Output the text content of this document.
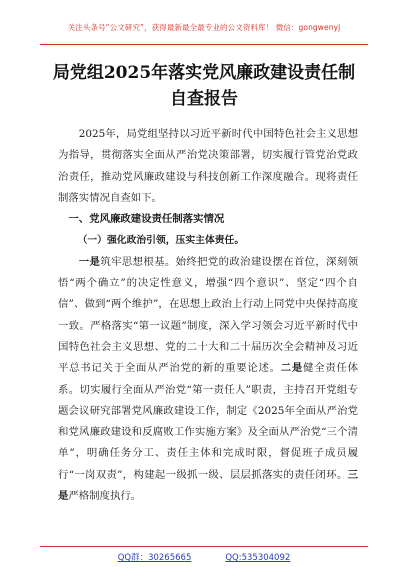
关注头条号“公文研究”，获得最新最全最专业的公文资料库！ 微信：gongwenyj
局党组2025年落实党风廉政建设责任制
自查报告

2025年，局党组坚持以习近平新时代中国特色社会主义思想为指导，贯彻落实全面从严治党决策部署，切实履行管党治党政治责任，推动党风廉政建设与科技创新工作深度融合。现将责任制落实情况自查如下。

一、党风廉政建设责任制落实情况

（一）强化政治引领，压实主体责任。

一是筑牢思想根基。始终把党的政治建设摆在首位，深刻领悟“两个确立”的决定性意义，增强“四个意识”、坚定“四个自信”、做到“两个维护”，在思想上政治上行动上同党中央保持高度一致。严格落实“第一议题”制度，深入学习领会习近平新时代中国特色社会主义思想、党的二十大和二十届历次全会精神及习近平总书记关于全面从严治党的新的重要论述。二是健全责任体系。切实履行全面从严治党“第一责任人”职责，主持召开党组专题会议研究部署党风廉政建设工作，制定《2025年全面从严治党和党风廉政建设和反腐败工作实施方案》及全面从严治党“三个清单”，明确任务分工、责任主体和完成时限，督促班子成员履行“一岗双责”，构建起一级抓一级、层层抓落实的责任闭环。三是严格制度执行。

QQ群：30265665	QQ:535304092
